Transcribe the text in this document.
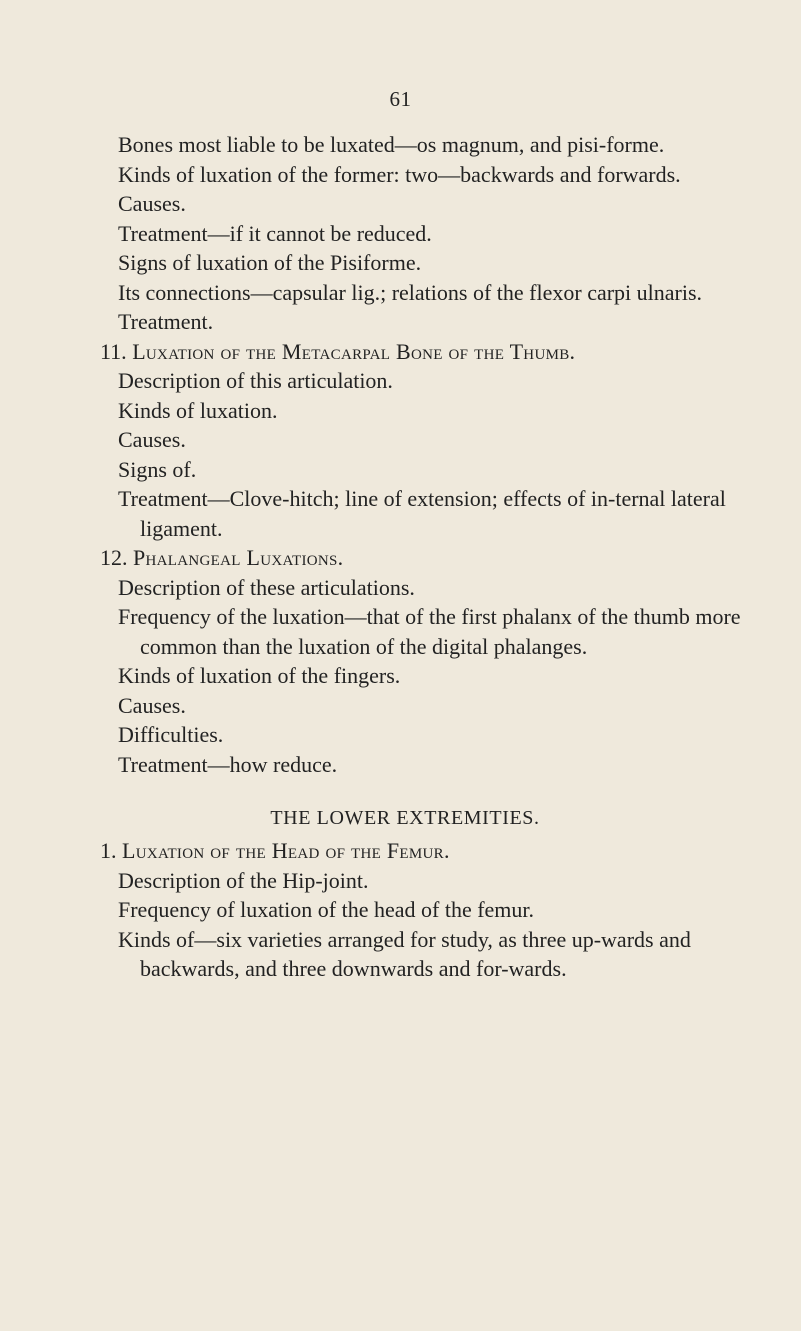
61

Bones most liable to be luxated—os magnum, and pisi-forme.

Kinds of luxation of the former: two—backwards and forwards.

Causes.

Treatment—if it cannot be reduced.

Signs of luxation of the Pisiforme.

Its connections—capsular lig.; relations of the flexor carpi ulnaris.

Treatment.

11. Luxation of the Metacarpal Bone of the Thumb.

Description of this articulation.

Kinds of luxation.

Causes.

Signs of.

Treatment—Clove-hitch; line of extension; effects of in-ternal lateral ligament.

12. Phalangeal Luxations.

Description of these articulations.

Frequency of the luxation—that of the first phalanx of the thumb more common than the luxation of the digital phalanges.

Kinds of luxation of the fingers.

Causes.

Difficulties.

Treatment—how reduce.

THE LOWER EXTREMITIES.

1. Luxation of the Head of the Femur.

Description of the Hip-joint.

Frequency of luxation of the head of the femur.

Kinds of—six varieties arranged for study, as three up-wards and backwards, and three downwards and for-wards.
